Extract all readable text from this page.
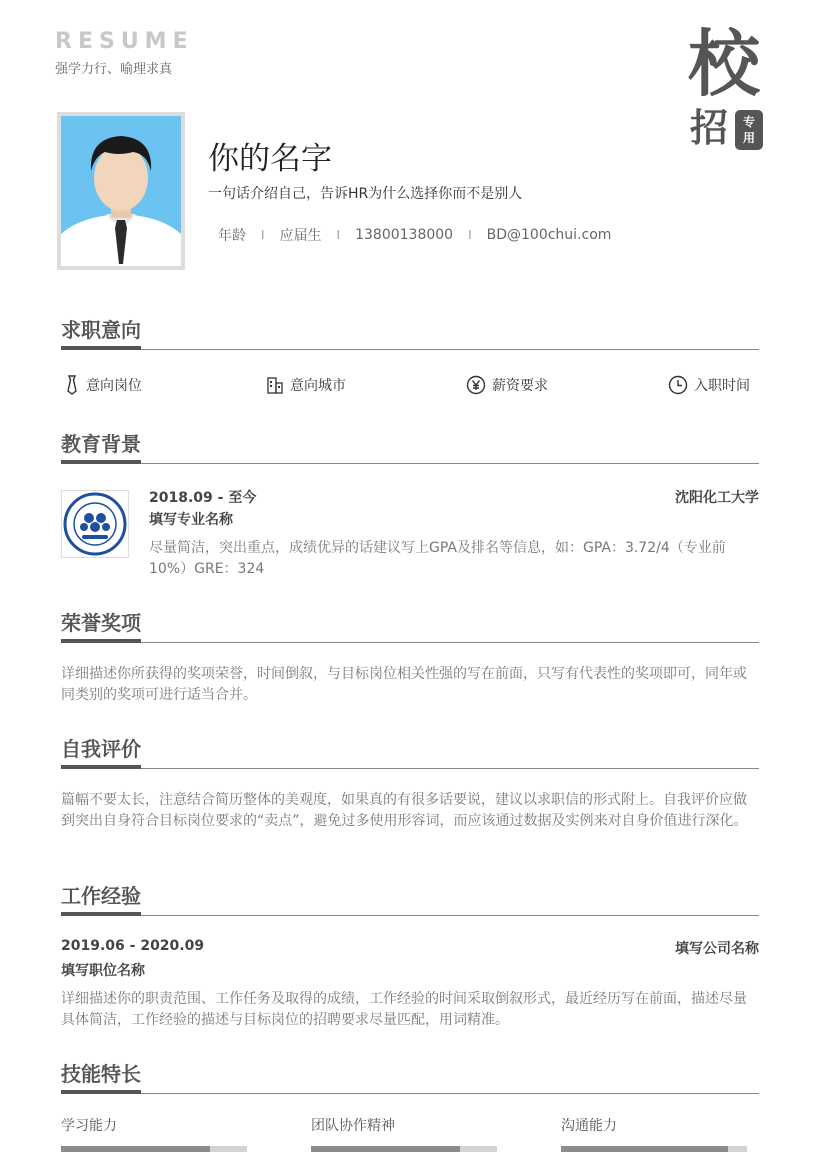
RESUME
强学力行、喻理求真	校
招	专
用
你的名字
一句话介绍自己，告诉HR为什么选择你而不是别人
年龄	I	应届生	I	13800138000	I	BD@100chui.com
求职意向
意向岗位	意向城市	薪资要求	入职时间
教育背景
2018.09 - 至今	沈阳化工大学
填写专业名称
尽量简洁，突出重点，成绩优异的话建议写上GPA及排名等信息，如：GPA：3.72/4（专业前10%）GRE：324
荣誉奖项
详细描述你所获得的奖项荣誉，时间倒叙，与目标岗位相关性强的写在前面，只写有代表性的奖项即可，同年或同类别的奖项可进行适当合并。
自我评价
篇幅不要太长，注意结合简历整体的美观度，如果真的有很多话要说，建议以求职信的形式附上。自我评价应做到突出自身符合目标岗位要求的“卖点”，避免过多使用形容词，而应该通过数据及实例来对自身价值进行深化。
工作经验
2019.06 - 2020.09	填写公司名称
填写职位名称
详细描述你的职责范围、工作任务及取得的成绩，工作经验的时间采取倒叙形式，最近经历写在前面，描述尽量具体简洁，工作经验的描述与目标岗位的招聘要求尽量匹配，用词精准。
技能特长
学习能力	团队协作精神	沟通能力
